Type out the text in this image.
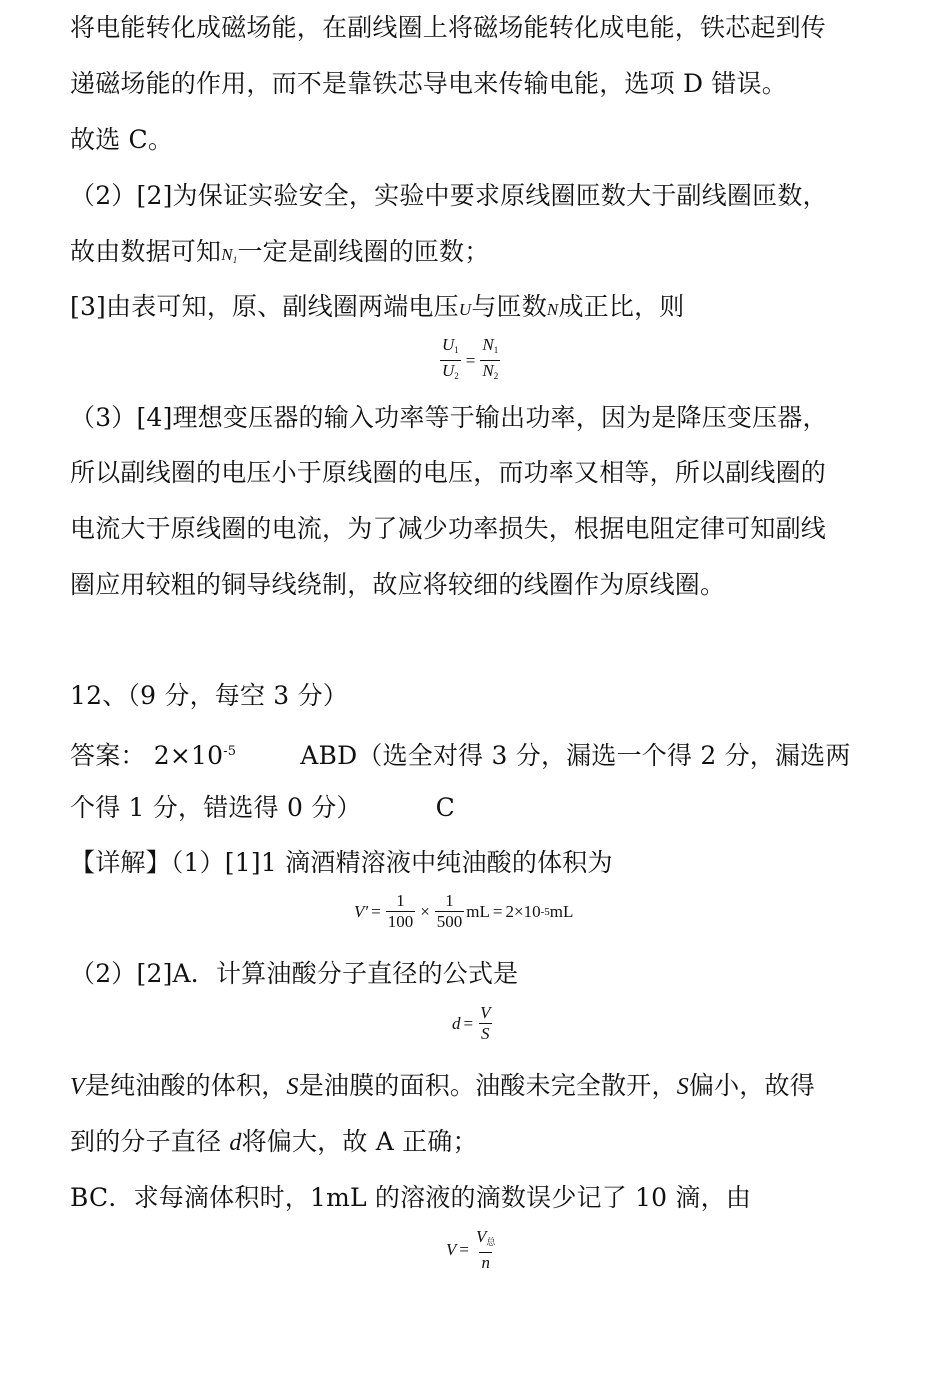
将电能转化成磁场能，在副线圈上将磁场能转化成电能，铁芯起到传
递磁场能的作用，而不是靠铁芯导电来传输电能，选项 D 错误。
故选 C。
（2）[2]为保证实验安全，实验中要求原线圈匝数大于副线圈匝数，
故由数据可知$N_1$一定是副线圈的匝数；
[3]由表可知，原、副线圈两端电压U与匝数N成正比，则
$\frac{U_1}{U_2} = \frac{N_1}{N_2}$
（3）[4]理想变压器的输入功率等于输出功率，因为是降压变压器，
所以副线圈的电压小于原线圈的电压，而功率又相等，所以副线圈的
电流大于原线圈的电流，为了减少功率损失，根据电阻定律可知副线
圈应用较粗的铜导线绕制，故应将较细的线圈作为原线圈。
12、（9 分，每空 3 分）
答案： $2\times 10^{-5}$	ABD（选全对得 3 分，漏选一个得 2 分，漏选两
个得 1 分，错选得 0 分）	C
【详解】（1）[1]1 滴酒精溶液中纯油酸的体积为
$V' = \frac{1}{100} \times \frac{1}{500}$ mL = 2×10 -5 mL
（2）[2]A．计算油酸分子直径的公式是
$d = \frac{V}{S}$
V是纯油酸的体积，S是油膜的面积。油酸未完全散开，S偏小，故得
到的分子直径 d将偏大，故 A 正确；
BC．求每滴体积时，1mL 的溶液的滴数误少记了 10 滴，由
$V = \frac{V_总}{n}$
